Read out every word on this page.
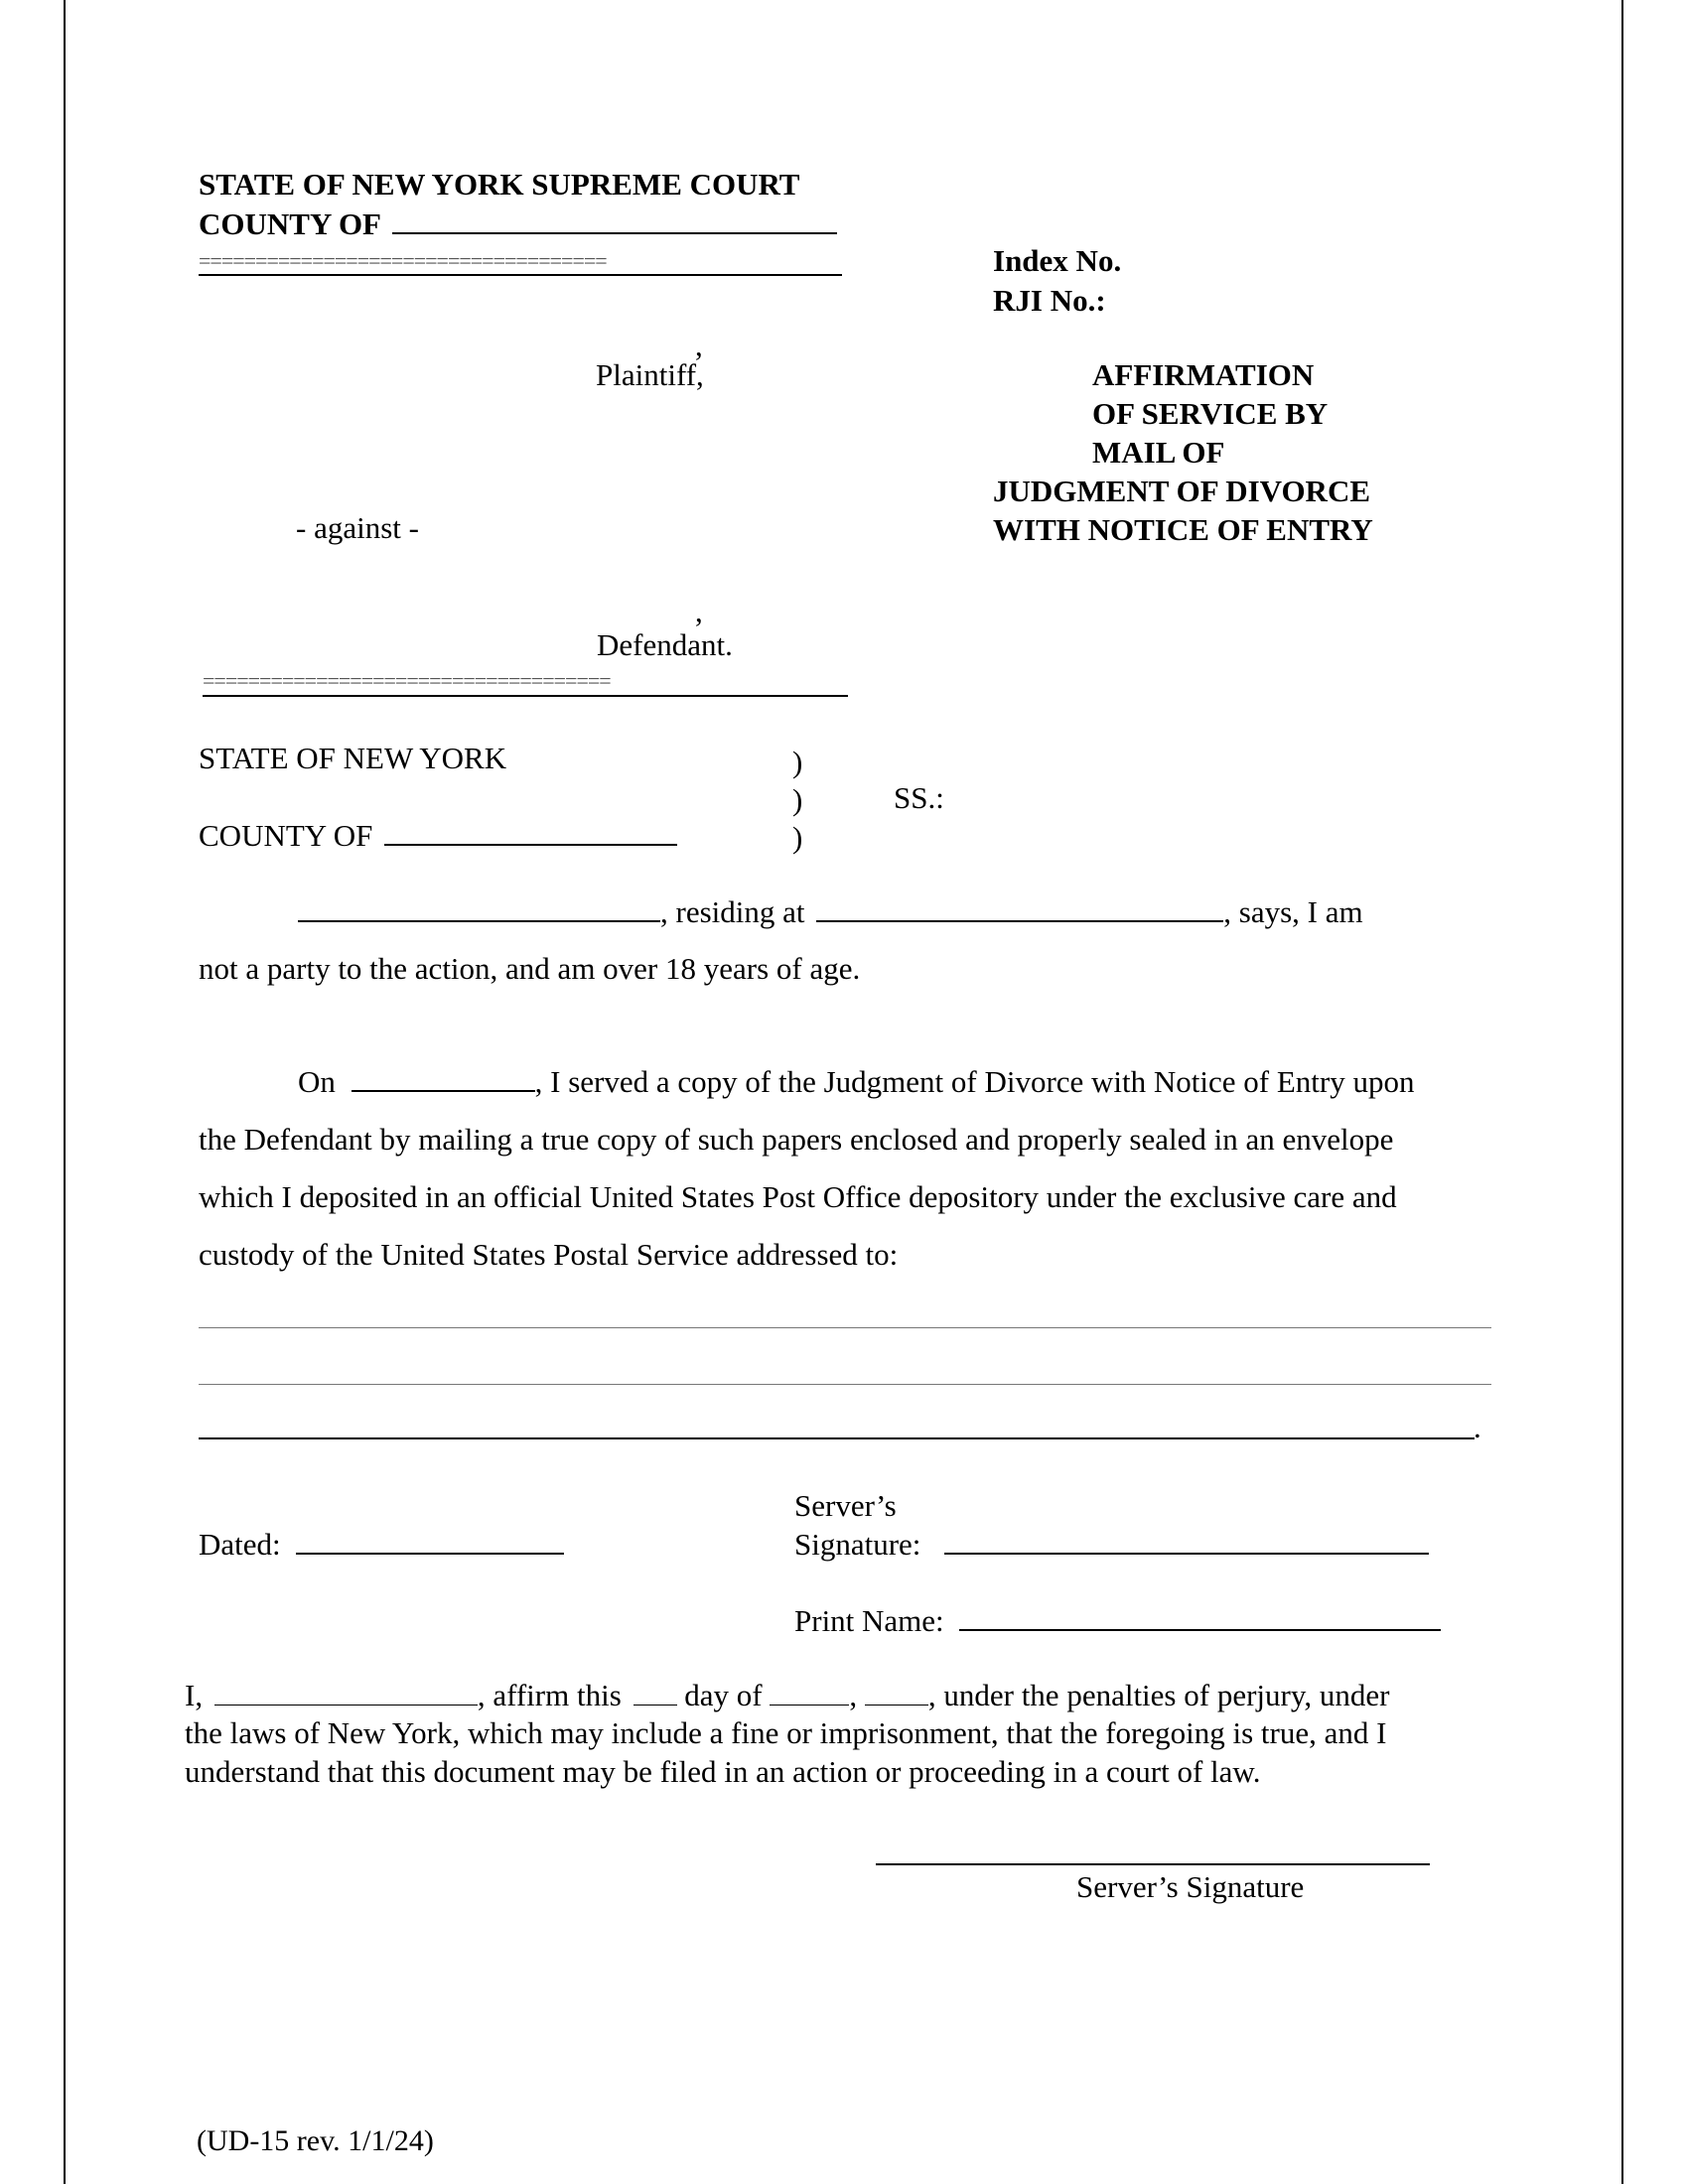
STATE OF NEW YORK SUPREME COURT
COUNTY OF
====================================
,
Plaintiff,
- against -
,
Defendant.
====================================
Index No.
RJI No.:
AFFIRMATION
OF SERVICE BY
MAIL OF
JUDGMENT OF DIVORCE
WITH NOTICE OF ENTRY
STATE OF NEW YORK
COUNTY OF
)
)
)
SS.:
, residing at	, says, I am
not a party to the action, and am over 18 years of age.
On	, I served a copy of the Judgment of Divorce with Notice of Entry upon
the Defendant by mailing a true copy of such papers enclosed and properly sealed in an envelope
which I deposited in an official United States Post Office depository under the exclusive care and
custody of the United States Postal Service addressed to:
.
Dated:
Server’s
Signature:
Print Name:
I,	, affirm this day of	, , under the penalties of perjury, under
the laws of New York, which may include a fine or imprisonment, that the foregoing is true, and I
understand that this document may be filed in an action or proceeding in a court of law.
Server’s Signature
(UD-15 rev. 1/1/24)
